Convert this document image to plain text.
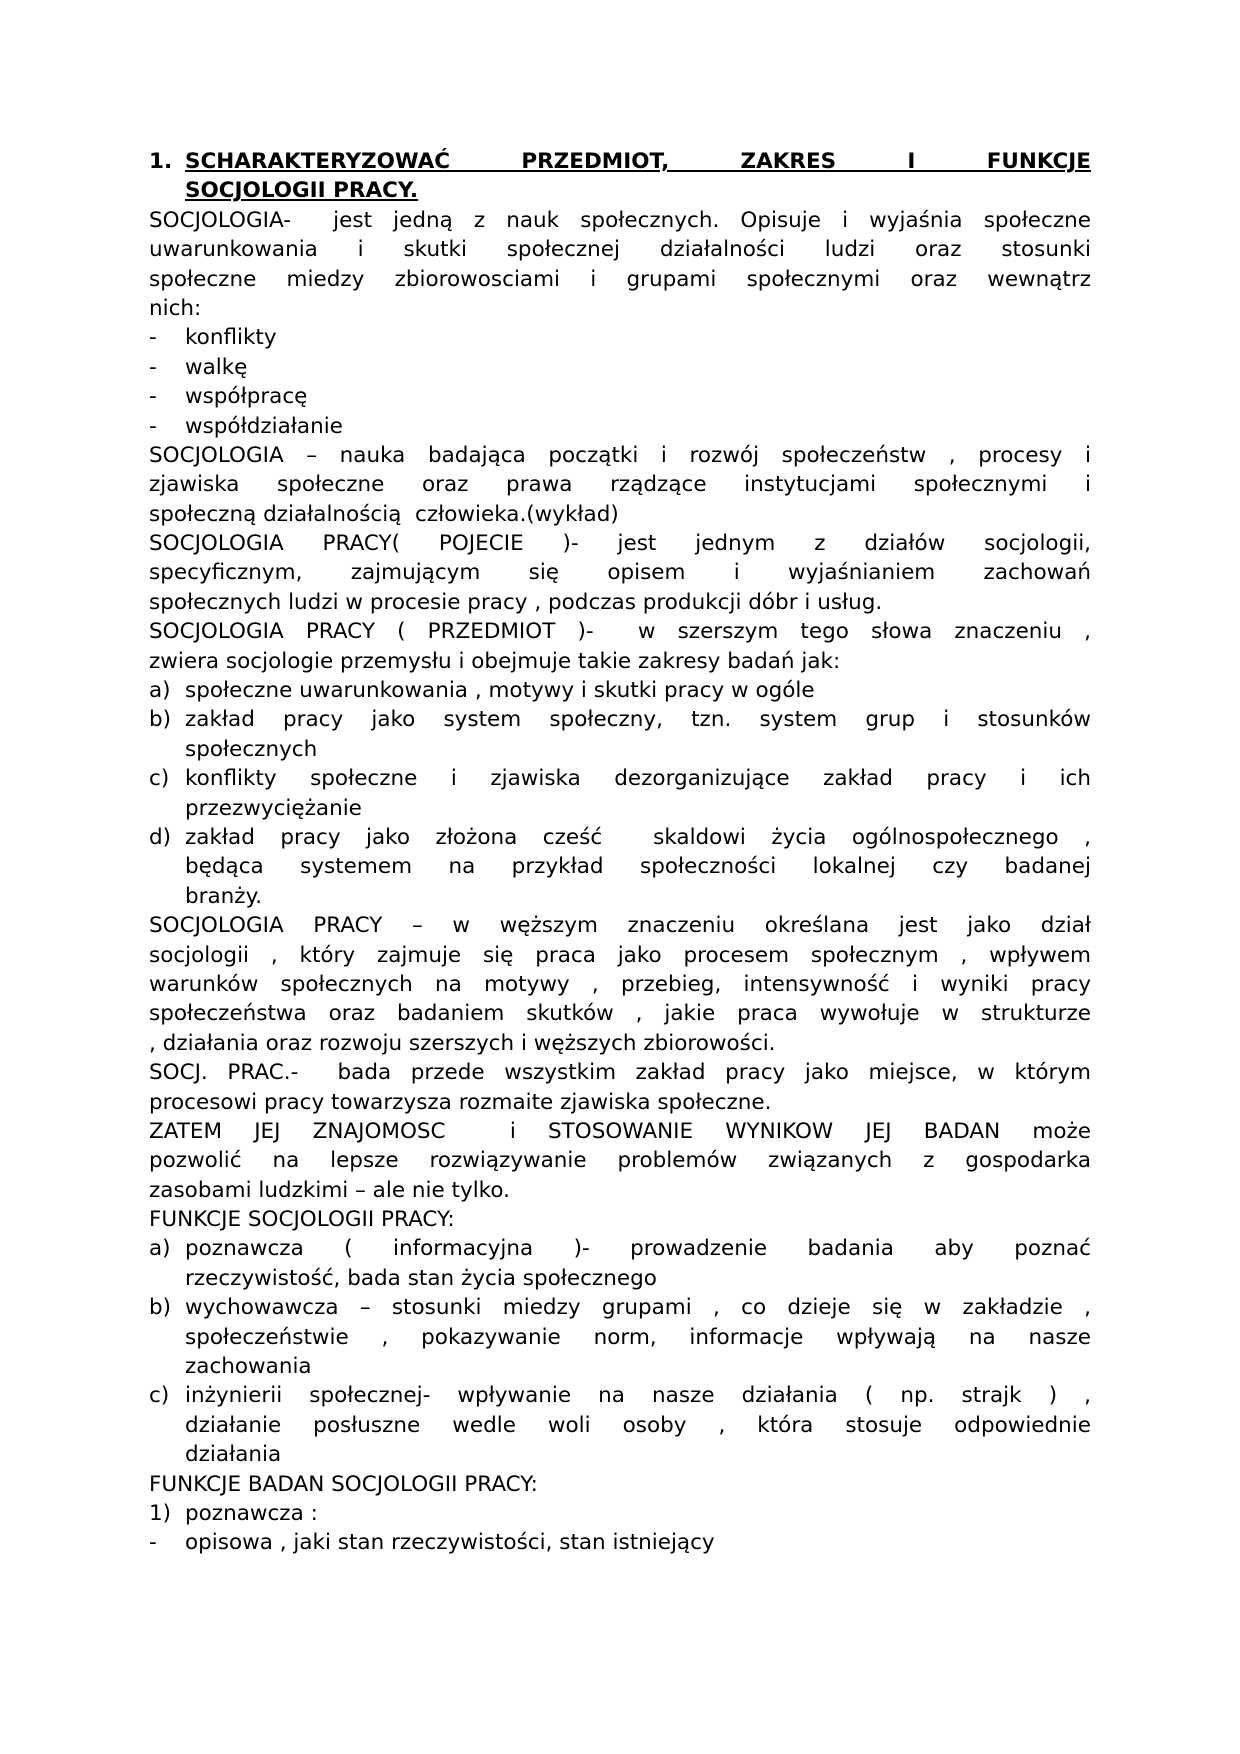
1. SCHARAKTERYZOWAĆ PRZEDMIOT, ZAKRES I FUNKCJE
SOCJOLOGII PRACY.
SOCJOLOGIA-  jest jedną z nauk społecznych. Opisuje i wyjaśnia społeczne
uwarunkowania i skutki społecznej działalności ludzi oraz stosunki
społeczne miedzy zbiorowosciami i grupami społecznymi oraz wewnątrz
nich:
- konflikty
- walkę
- współpracę
- współdziałanie
SOCJOLOGIA – nauka badająca początki i rozwój społeczeństw , procesy i
zjawiska społeczne oraz prawa rządzące instytucjami społecznymi i
społeczną działalnością  człowieka.(wykład)
SOCJOLOGIA PRACY( POJECIE )- jest jednym z działów socjologii,
specyficznym, zajmującym się opisem i wyjaśnianiem zachowań
społecznych ludzi w procesie pracy , podczas produkcji dóbr i usług.
SOCJOLOGIA PRACY ( PRZEDMIOT )-  w szerszym tego słowa znaczeniu ,
zwiera socjologie przemysłu i obejmuje takie zakresy badań jak:
a) społeczne uwarunkowania , motywy i skutki pracy w ogóle
b) zakład pracy jako system społeczny, tzn. system grup i stosunków
społecznych
c) konflikty społeczne i zjawiska dezorganizujące zakład pracy i ich
przezwyciężanie
d) zakład pracy jako złożona cześć  skaldowi życia ogólnospołecznego ,
będąca systemem na przykład społeczności lokalnej czy badanej
branży.
SOCJOLOGIA PRACY – w węższym znaczeniu określana jest jako dział
socjologii , który zajmuje się praca jako procesem społecznym , wpływem
warunków społecznych na motywy , przebieg, intensywność i wyniki pracy
społeczeństwa oraz badaniem skutków , jakie praca wywołuje w strukturze
, działania oraz rozwoju szerszych i węższych zbiorowości.
SOCJ. PRAC.-  bada przede wszystkim zakład pracy jako miejsce, w którym
procesowi pracy towarzysza rozmaite zjawiska społeczne.
ZATEM JEJ ZNAJOMOSC  i STOSOWANIE WYNIKOW JEJ BADAN może
pozwolić na lepsze rozwiązywanie problemów związanych z gospodarka
zasobami ludzkimi – ale nie tylko.
FUNKCJE SOCJOLOGII PRACY:
a) poznawcza ( informacyjna )- prowadzenie badania aby poznać
rzeczywistość, bada stan życia społecznego
b) wychowawcza – stosunki miedzy grupami , co dzieje się w zakładzie ,
społeczeństwie , pokazywanie norm, informacje wpływają na nasze
zachowania
c) inżynierii społecznej- wpływanie na nasze działania ( np. strajk ) ,
działanie posłuszne wedle woli osoby , która stosuje odpowiednie
działania
FUNKCJE BADAN SOCJOLOGII PRACY:
1) poznawcza :
- opisowa , jaki stan rzeczywistości, stan istniejący
